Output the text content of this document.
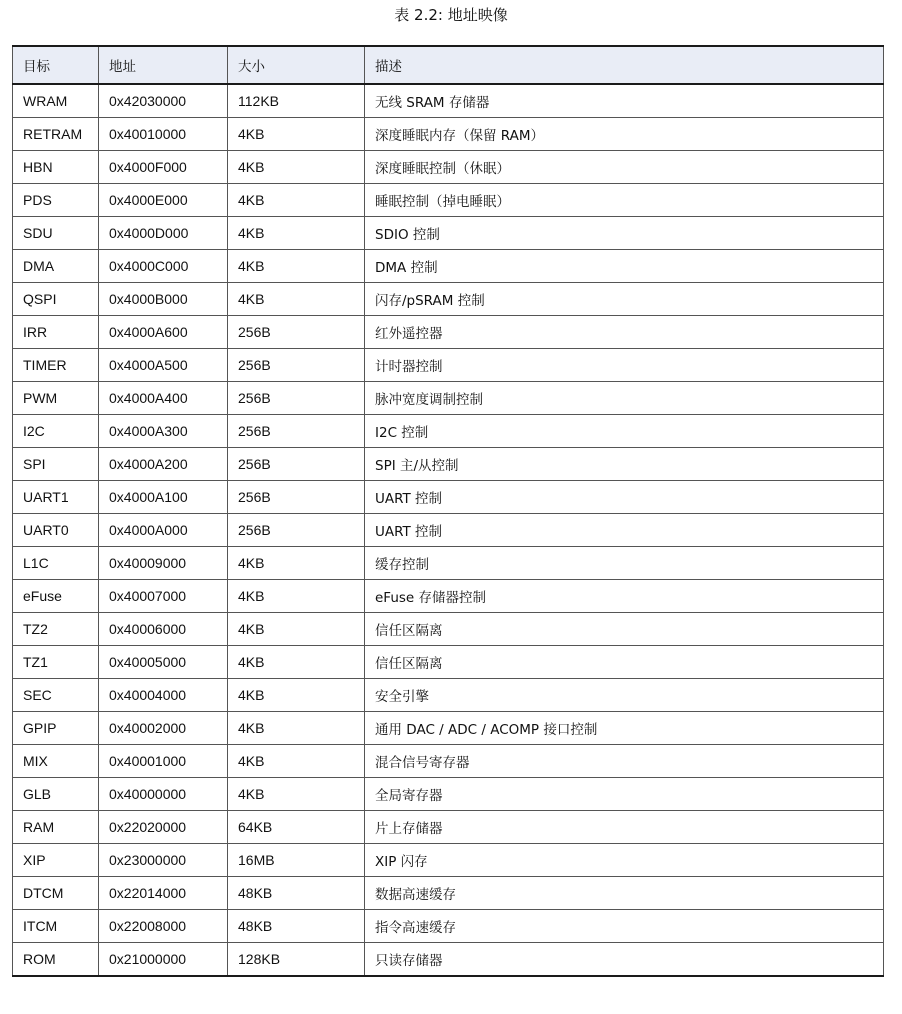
表 2.2: 地址映像
目标	地址	大小	描述
WRAM	0x42030000	112KB	无线 SRAM 存储器
RETRAM	0x40010000	4KB	深度睡眠内存（保留 RAM）
HBN	0x4000F000	4KB	深度睡眠控制（休眠）
PDS	0x4000E000	4KB	睡眠控制（掉电睡眠）
SDU	0x4000D000	4KB	SDIO 控制
DMA	0x4000C000	4KB	DMA 控制
QSPI	0x4000B000	4KB	闪存/pSRAM 控制
IRR	0x4000A600	256B	红外遥控器
TIMER	0x4000A500	256B	计时器控制
PWM	0x4000A400	256B	脉冲宽度调制控制
I2C	0x4000A300	256B	I2C 控制
SPI	0x4000A200	256B	SPI 主/从控制
UART1	0x4000A100	256B	UART 控制
UART0	0x4000A000	256B	UART 控制
L1C	0x40009000	4KB	缓存控制
eFuse	0x40007000	4KB	eFuse 存储器控制
TZ2	0x40006000	4KB	信任区隔离
TZ1	0x40005000	4KB	信任区隔离
SEC	0x40004000	4KB	安全引擎
GPIP	0x40002000	4KB	通用 DAC / ADC / ACOMP 接口控制
MIX	0x40001000	4KB	混合信号寄存器
GLB	0x40000000	4KB	全局寄存器
RAM	0x22020000	64KB	片上存储器
XIP	0x23000000	16MB	XIP 闪存
DTCM	0x22014000	48KB	数据高速缓存
ITCM	0x22008000	48KB	指令高速缓存
ROM	0x21000000	128KB	只读存储器
